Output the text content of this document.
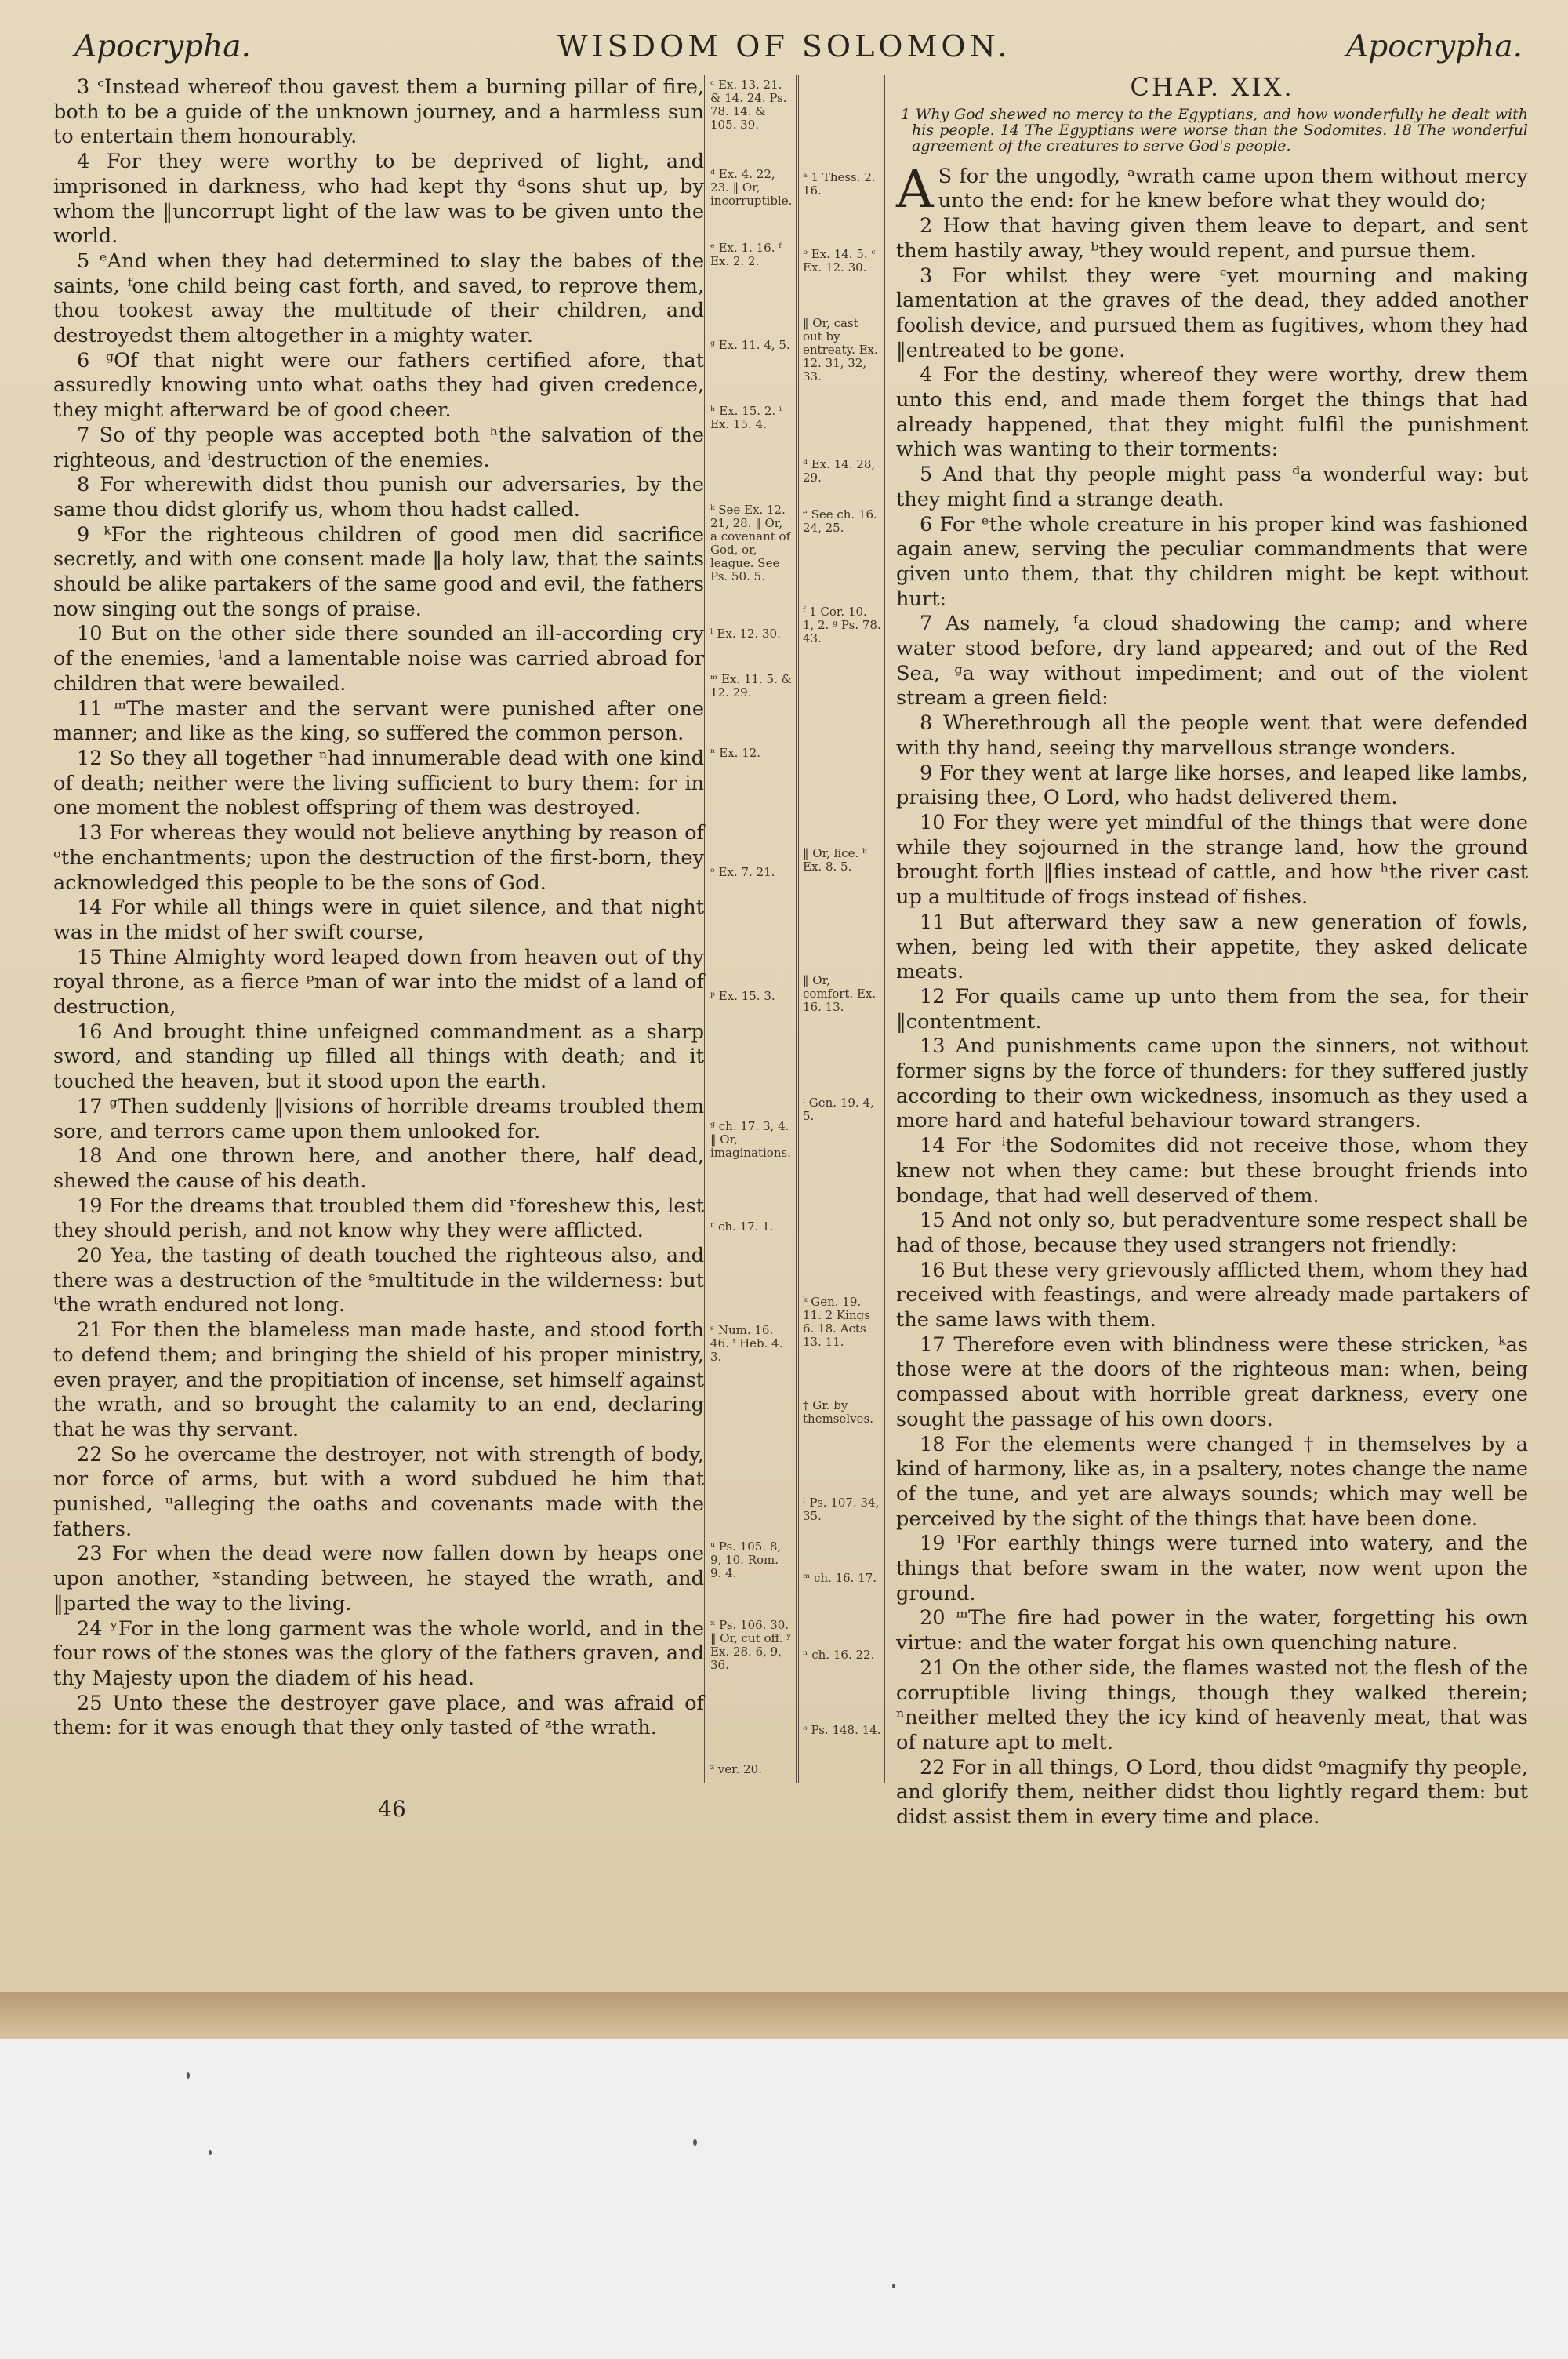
Apocrypha.	WISDOM OF SOLOMON.	Apocrypha.

3 ᶜInstead whereof thou gavest them a burning pillar of fire, both to be a guide of the unknown journey, and a harmless sun to entertain them honourably.

4 For they were worthy to be deprived of light, and imprisoned in darkness, who had kept thy ᵈsons shut up, by whom the ‖uncorrupt light of the law was to be given unto the world.

5 ᵉAnd when they had determined to slay the babes of the saints, ᶠone child being cast forth, and saved, to reprove them, thou tookest away the multitude of their children, and destroyedst them altogether in a mighty water.

6 ᵍOf that night were our fathers certified afore, that assuredly knowing unto what oaths they had given credence, they might afterward be of good cheer.

7 So of thy people was accepted both ʰthe salvation of the righteous, and ⁱdestruction of the enemies.

8 For wherewith didst thou punish our adversaries, by the same thou didst glorify us, whom thou hadst called.

9 ᵏFor the righteous children of good men did sacrifice secretly, and with one consent made ‖a holy law, that the saints should be alike partakers of the same good and evil, the fathers now singing out the songs of praise.

10 But on the other side there sounded an ill-according cry of the enemies, ˡand a lamentable noise was carried abroad for children that were bewailed.

11 ᵐThe master and the servant were punished after one manner; and like as the king, so suffered the common person.

12 So they all together ⁿhad innumerable dead with one kind of death; neither were the living sufficient to bury them: for in one moment the noblest offspring of them was destroyed.

13 For whereas they would not believe anything by reason of ᵒthe enchantments; upon the destruction of the first-born, they acknowledged this people to be the sons of God.

14 For while all things were in quiet silence, and that night was in the midst of her swift course,

15 Thine Almighty word leaped down from heaven out of thy royal throne, as a fierce ᵖman of war into the midst of a land of destruction,

16 And brought thine unfeigned commandment as a sharp sword, and standing up filled all things with death; and it touched the heaven, but it stood upon the earth.

17 ᵍThen suddenly ‖visions of horrible dreams troubled them sore, and terrors came upon them unlooked for.

18 And one thrown here, and another there, half dead, shewed the cause of his death.

19 For the dreams that troubled them did ʳforeshew this, lest they should perish, and not know why they were afflicted.

20 Yea, the tasting of death touched the righteous also, and there was a destruction of the ˢmultitude in the wilderness: but ᵗthe wrath endured not long.

21 For then the blameless man made haste, and stood forth to defend them; and bringing the shield of his proper ministry, even prayer, and the propitiation of incense, set himself against the wrath, and so brought the calamity to an end, declaring that he was thy servant.

22 So he overcame the destroyer, not with strength of body, nor force of arms, but with a word subdued he him that punished, ᵘalleging the oaths and covenants made with the fathers.

23 For when the dead were now fallen down by heaps one upon another, ˣstanding between, he stayed the wrath, and ‖parted the way to the living.

24 ʸFor in the long garment was the whole world, and in the four rows of the stones was the glory of the fathers graven, and thy Majesty upon the diadem of his head.

25 Unto these the destroyer gave place, and was afraid of them: for it was enough that they only tasted of ᶻthe wrath.

ᶜ Ex. 13. 21. & 14. 24. Ps. 78. 14. & 105. 39.
ᵈ Ex. 4. 22, 23. ‖ Or, incorruptible.
ᵉ Ex. 1. 16. ᶠ Ex. 2. 2.
ᵍ Ex. 11. 4, 5.
ʰ Ex. 15. 2. ⁱ Ex. 15. 4.
ᵏ See Ex. 12. 21, 28. ‖ Or, a covenant of God, or, league. See Ps. 50. 5.
ˡ Ex. 12. 30.
ᵐ Ex. 11. 5. & 12. 29.
ⁿ Ex. 12.
ᵒ Ex. 7. 21.
ᵖ Ex. 15. 3.
ᵍ ch. 17. 3, 4. ‖ Or, imaginations.
ʳ ch. 17. 1.
ˢ Num. 16. 46. ᵗ Heb. 4. 3.
ᵘ Ps. 105. 8, 9, 10. Rom. 9. 4.
ˣ Ps. 106. 30. ‖ Or, cut off. ʸ Ex. 28. 6, 9, 36.
ᶻ ver. 20.
ᵃ 1 Thess. 2. 16.
ᵇ Ex. 14. 5. ᶜ Ex. 12. 30.
‖ Or, cast out by entreaty. Ex. 12. 31, 32, 33.
ᵈ Ex. 14. 28, 29.
ᵉ See ch. 16. 24, 25.
ᶠ 1 Cor. 10. 1, 2. ᵍ Ps. 78. 43.
‖ Or, lice. ʰ Ex. 8. 5.
‖ Or, comfort. Ex. 16. 13.
ⁱ Gen. 19. 4, 5.
ᵏ Gen. 19. 11. 2 Kings 6. 18. Acts 13. 11.
† Gr. by themselves.
ˡ Ps. 107. 34, 35.
ᵐ ch. 16. 17.
ⁿ ch. 16. 22.
ᵒ Ps. 148. 14.
CHAP. XIX.
1 Why God shewed no mercy to the Egyptians, and how wonderfully he dealt with his people. 14 The Egyptians were worse than the Sodomites. 18 The wonderful agreement of the creatures to serve God's people.

A S for the ungodly, ᵃwrath came upon them without mercy unto the end: for he knew before what they would do;

2 How that having given them leave to depart, and sent them hastily away, ᵇthey would repent, and pursue them.

3 For whilst they were ᶜyet mourning and making lamentation at the graves of the dead, they added another foolish device, and pursued them as fugitives, whom they had ‖entreated to be gone.

4 For the destiny, whereof they were worthy, drew them unto this end, and made them forget the things that had already happened, that they might fulfil the punishment which was wanting to their torments:

5 And that thy people might pass ᵈa wonderful way: but they might find a strange death.

6 For ᵉthe whole creature in his proper kind was fashioned again anew, serving the peculiar commandments that were given unto them, that thy children might be kept without hurt:

7 As namely, ᶠa cloud shadowing the camp; and where water stood before, dry land appeared; and out of the Red Sea, ᵍa way without impediment; and out of the violent stream a green field:

8 Wherethrough all the people went that were defended with thy hand, seeing thy marvellous strange wonders.

9 For they went at large like horses, and leaped like lambs, praising thee, O Lord, who hadst delivered them.

10 For they were yet mindful of the things that were done while they sojourned in the strange land, how the ground brought forth ‖flies instead of cattle, and how ʰthe river cast up a multitude of frogs instead of fishes.

11 But afterward they saw a new generation of fowls, when, being led with their appetite, they asked delicate meats.

12 For quails came up unto them from the sea, for their ‖contentment.

13 And punishments came upon the sinners, not without former signs by the force of thunders: for they suffered justly according to their own wickedness, insomuch as they used a more hard and hateful behaviour toward strangers.

14 For ⁱthe Sodomites did not receive those, whom they knew not when they came: but these brought friends into bondage, that had well deserved of them.

15 And not only so, but peradventure some respect shall be had of those, because they used strangers not friendly:

16 But these very grievously afflicted them, whom they had received with feastings, and were already made partakers of the same laws with them.

17 Therefore even with blindness were these stricken, ᵏas those were at the doors of the righteous man: when, being compassed about with horrible great darkness, every one sought the passage of his own doors.

18 For the elements were changed † in themselves by a kind of harmony, like as, in a psaltery, notes change the name of the tune, and yet are always sounds; which may well be perceived by the sight of the things that have been done.

19 ˡFor earthly things were turned into watery, and the things that before swam in the water, now went upon the ground.

20 ᵐThe fire had power in the water, forgetting his own virtue: and the water forgat his own quenching nature.

21 On the other side, the flames wasted not the flesh of the corruptible living things, though they walked therein; ⁿneither melted they the icy kind of heavenly meat, that was of nature apt to melt.

22 For in all things, O Lord, thou didst ᵒmagnify thy people, and glorify them, neither didst thou lightly regard them: but didst assist them in every time and place.

46
